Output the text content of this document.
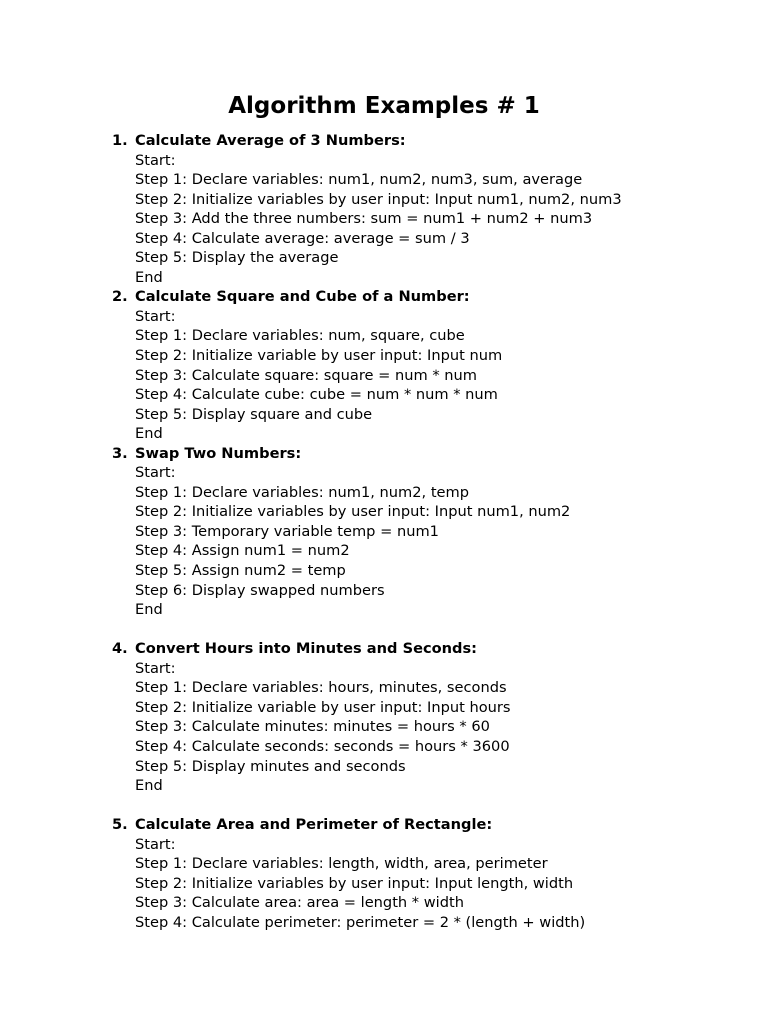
Algorithm Examples # 1
1. Calculate Average of 3 Numbers:
Start:
Step 1: Declare variables: num1, num2, num3, sum, average
Step 2: Initialize variables by user input: Input num1, num2, num3
Step 3: Add the three numbers: sum = num1 + num2 + num3
Step 4: Calculate average: average = sum / 3
Step 5: Display the average
End
2. Calculate Square and Cube of a Number:
Start:
Step 1: Declare variables: num, square, cube
Step 2: Initialize variable by user input: Input num
Step 3: Calculate square: square = num * num
Step 4: Calculate cube: cube = num * num * num
Step 5: Display square and cube
End
3. Swap Two Numbers:
Start:
Step 1: Declare variables: num1, num2, temp
Step 2: Initialize variables by user input: Input num1, num2
Step 3: Temporary variable temp = num1
Step 4: Assign num1 = num2
Step 5: Assign num2 = temp
Step 6: Display swapped numbers
End
4. Convert Hours into Minutes and Seconds:
Start:
Step 1: Declare variables: hours, minutes, seconds
Step 2: Initialize variable by user input: Input hours
Step 3: Calculate minutes: minutes = hours * 60
Step 4: Calculate seconds: seconds = hours * 3600
Step 5: Display minutes and seconds
End
5. Calculate Area and Perimeter of Rectangle:
Start:
Step 1: Declare variables: length, width, area, perimeter
Step 2: Initialize variables by user input: Input length, width
Step 3: Calculate area: area = length * width
Step 4: Calculate perimeter: perimeter = 2 * (length + width)
